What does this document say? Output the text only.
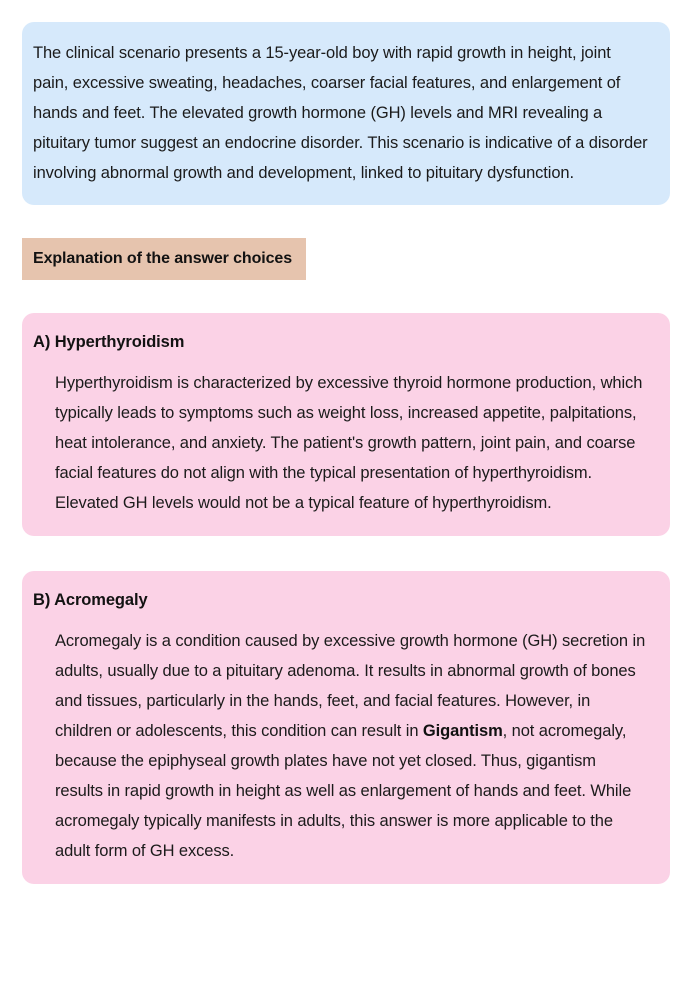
The clinical scenario presents a 15-year-old boy with rapid growth in height, joint pain, excessive sweating, headaches, coarser facial features, and enlargement of hands and feet. The elevated growth hormone (GH) levels and MRI revealing a pituitary tumor suggest an endocrine disorder. This scenario is indicative of a disorder involving abnormal growth and development, linked to pituitary dysfunction.

Explanation of the answer choices
A) Hyperthyroidism

Hyperthyroidism is characterized by excessive thyroid hormone production, which typically leads to symptoms such as weight loss, increased appetite, palpitations, heat intolerance, and anxiety. The patient's growth pattern, joint pain, and coarse facial features do not align with the typical presentation of hyperthyroidism. Elevated GH levels would not be a typical feature of hyperthyroidism.

B) Acromegaly

Acromegaly is a condition caused by excessive growth hormone (GH) secretion in adults, usually due to a pituitary adenoma. It results in abnormal growth of bones and tissues, particularly in the hands, feet, and facial features. However, in children or adolescents, this condition can result in Gigantism, not acromegaly, because the epiphyseal growth plates have not yet closed. Thus, gigantism results in rapid growth in height as well as enlargement of hands and feet. While acromegaly typically manifests in adults, this answer is more applicable to the adult form of GH excess.
